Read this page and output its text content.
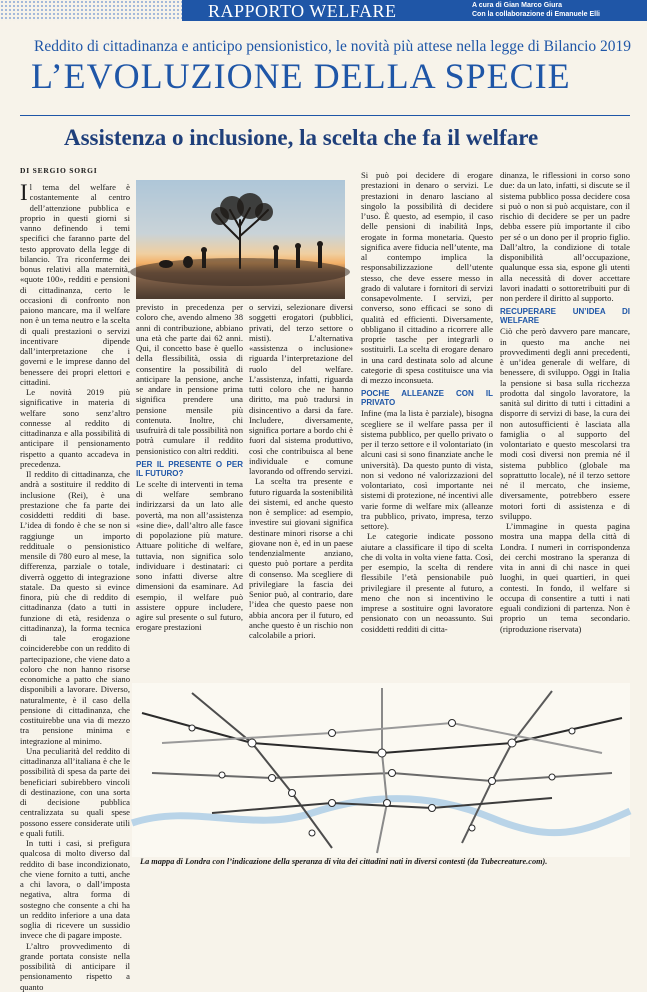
RAPPORTO WELFARE	A cura di Gian Marco Giura
Con la collaborazione di Emanuele Elli
Reddito di cittadinanza e anticipo pensionistico, le novità più attese nella legge di Bilancio 2019
L’EVOLUZIONE DELLA SPECIE
Assistenza o inclusione, la scelta che fa il welfare
DI SERGIO SORGI

Il tema del welfare è costantemente al centro dell’attenzione pubblica e proprio in questi giorni si vanno definendo i temi specifici che faranno parte del testo approvato della legge di bilancio. Tra riconferme dei bonus relativi alla maternità, «quote 100», redditi e pensioni di cittadinanza, certo le occasioni di confronto non paiono mancare, ma il welfare non è un tema neutro e la scelta di quali prestazioni o servizi incentivare dipende dall’interpretazione che i governi e le imprese danno del benessere dei propri elettori e cittadini.

Le novità 2019 più significative in materia di welfare sono senz’altro connesse al reddito di cittadinanza e alla possibilità di anticipare il pensionamento rispetto a quanto accadeva in precedenza.

Il reddito di cittadinanza, che andrà a sostituire il reddito di inclusione (Rei), è una prestazione che fa parte dei cosiddetti redditi di base. L’idea di fondo è che se non si raggiunge un importo reddituale o pensionistico mensile di 780 euro al mese, la differenza, parziale o totale, diverrà oggetto di integrazione statale. Da questo si evince finora, più che di reddito di cittadinanza (dato a tutti in funzione di età, residenza o cittadinanza), la forma tecnica di tale erogazione coinciderebbe con un reddito di partecipazione, che viene dato a coloro che non hanno risorse economiche a patto che siano disponibili a lavorare. Diverso, naturalmente, è il caso della pensione di cittadinanza, che costituirebbe una via di mezzo tra pensione minima e integrazione al minimo.

Una peculiarità del reddito di cittadinanza all’italiana è che le possibilità di spesa da parte dei beneficiari subirebbero vincoli di destinazione, con una sorta di decisione pubblica centralizzata su quali spese possono essere considerate utili e quali futili.

In tutti i casi, si prefigura qualcosa di molto diverso dal reddito di base incondizionato, che viene fornito a tutti, anche a chi lavora, o dall’imposta negativa, altra forma di sostegno che consente a chi ha un reddito inferiore a una data soglia di ricevere un sussidio invece che di pagare imposte.

L’altro provvedimento di grande portata consiste nella possibilità di anticipare il pensionamento rispetto a quanto

previsto in precedenza per coloro che, avendo almeno 38 anni di contribuzione, abbiano una età che parte dai 62 anni. Qui, il concetto base è quello della flessibilità, ossia di consentire la possibilità di anticipare la pensione, anche se andare in pensione prima significa prendere una pensione mensile più contenuta. Inoltre, chi usufruirà di tale possibilità non potrà cumulare il reddito pensionistico con altri redditi.

PER IL PRESENTE O PER IL FUTURO?

Le scelte di interventi in tema di welfare sembrano indirizzarsi da un lato alle povertà, ma non all’assistenza «sine die», dall’altro alle fasce di popolazione più mature. Attuare politiche di welfare, tuttavia, non significa solo individuare i destinatari: ci sono infatti diverse altre dimensioni da esaminare. Ad esempio, il welfare può assistere oppure includere, agire sul presente o sul futuro, erogare prestazioni

o servizi, selezionare diversi soggetti erogatori (pubblici, privati, del terzo settore o misti). L’alternativa «assistenza o inclusione» riguarda l’interpretazione del ruolo del welfare. L’assistenza, infatti, riguarda tutti coloro che ne hanno diritto, ma può tradursi in disincentivo a darsi da fare. Includere, diversamente, significa portare a bordo chi è fuori dal sistema produttivo, così che contribuisca al bene individuale e comune lavorando od offrendo servizi.

La scelta tra presente e futuro riguarda la sostenibilità dei sistemi, ed anche questo non è semplice: ad esempio, investire sui giovani significa destinare minori risorse a chi giovane non è, ed in un paese tendenzialmente anziano, questo può portare a perdita di consenso. Ma scegliere di privilegiare la fascia dei Senior può, al contrario, dare l’idea che questo paese non abbia ancora per il futuro, ed anche questo è un rischio non calcolabile a priori.

Si può poi decidere di erogare prestazioni in denaro o servizi. Le prestazioni in denaro lasciano al singolo la possibilità di decidere l’uso. È questo, ad esempio, il caso delle pensioni di inabilità Inps, erogate in forma monetaria. Questo significa avere fiducia nell’utente, ma al contempo implica la responsabilizzazione dell’utente stesso, che deve essere messo in grado di valutare i fornitori di servizi consapevolmente. I servizi, per converso, sono efficaci se sono di qualità ed efficienti. Diversamente, obbligano il cittadino a ricorrere alle proprie tasche per integrarli o sostituirli. La scelta di erogare denaro in una card destinata solo ad alcune categorie di spesa costituisce una via di mezzo inconsueta.

POCHE ALLEANZE CON IL PRIVATO

Infine (ma la lista è parziale), bisogna scegliere se il welfare passa per il sistema pubblico, per quello privato o per il terzo settore e il volontariato (in alcuni casi si sono finanziate anche le università). Da questo punto di vista, non si vedono né valorizzazioni del volontariato, così importante nei sistemi di protezione, né incentivi alle varie forme di welfare mix (alleanze tra pubblico, privato, impresa, terzo settore).

Le categorie indicate possono aiutare a classificare il tipo di scelta che di volta in volta viene fatta. Così, per esempio, la scelta di rendere flessibile l’età pensionabile può privilegiare il presente al futuro, a meno che non si incentivino le imprese a sostituire ogni lavoratore pensionato con un neoassunto. Sui cosiddetti redditi di citta-

dinanza, le riflessioni in corso sono due: da un lato, infatti, si discute se il sistema pubblico possa decidere cosa si può o non si può acquistare, con il rischio di decidere se per un padre debba essere più importante il cibo per sé o un dono per il proprio figlio. Dall’altro, la condizione di totale disponibilità all’occupazione, qualunque essa sia, espone gli utenti alla necessità di dover accettare lavori inadatti o sottoretribuiti pur di non perdere il diritto al supporto.

RECUPERARE UN’IDEA DI WELFARE

Ciò che però davvero pare mancare, in questo ma anche nei provvedimenti degli anni precedenti, è un’idea generale di welfare, di benessere, di sviluppo. Oggi in Italia la pensione si basa sulla ricchezza prodotta dal singolo lavoratore, la sanità sul diritto di tutti i cittadini a disporre di servizi di base, la cura dei non autosufficienti è lasciata alla famiglia o al supporto del volontariato e questo mescolarsi tra modi così diversi non premia né il sistema pubblico (globale ma soprattutto locale), né il terzo settore né il mercato, che insieme, diversamente, potrebbero essere motori forti di assistenza e di sviluppo.

L’immagine in questa pagina mostra una mappa della città di Londra. I numeri in corrispondenza dei cerchi mostrano la speranza di vita in anni di chi nasce in quei luoghi, in quei quartieri, in quei contesti. In fondo, il welfare si occupa di consentire a tutti i nati eguali condizioni di partenza. Non è proprio un tema secondario. (riproduzione riservata)

La mappa di Londra con l’indicazione della speranza di vita dei cittadini nati in diversi contesti (da Tubecreature.com).
